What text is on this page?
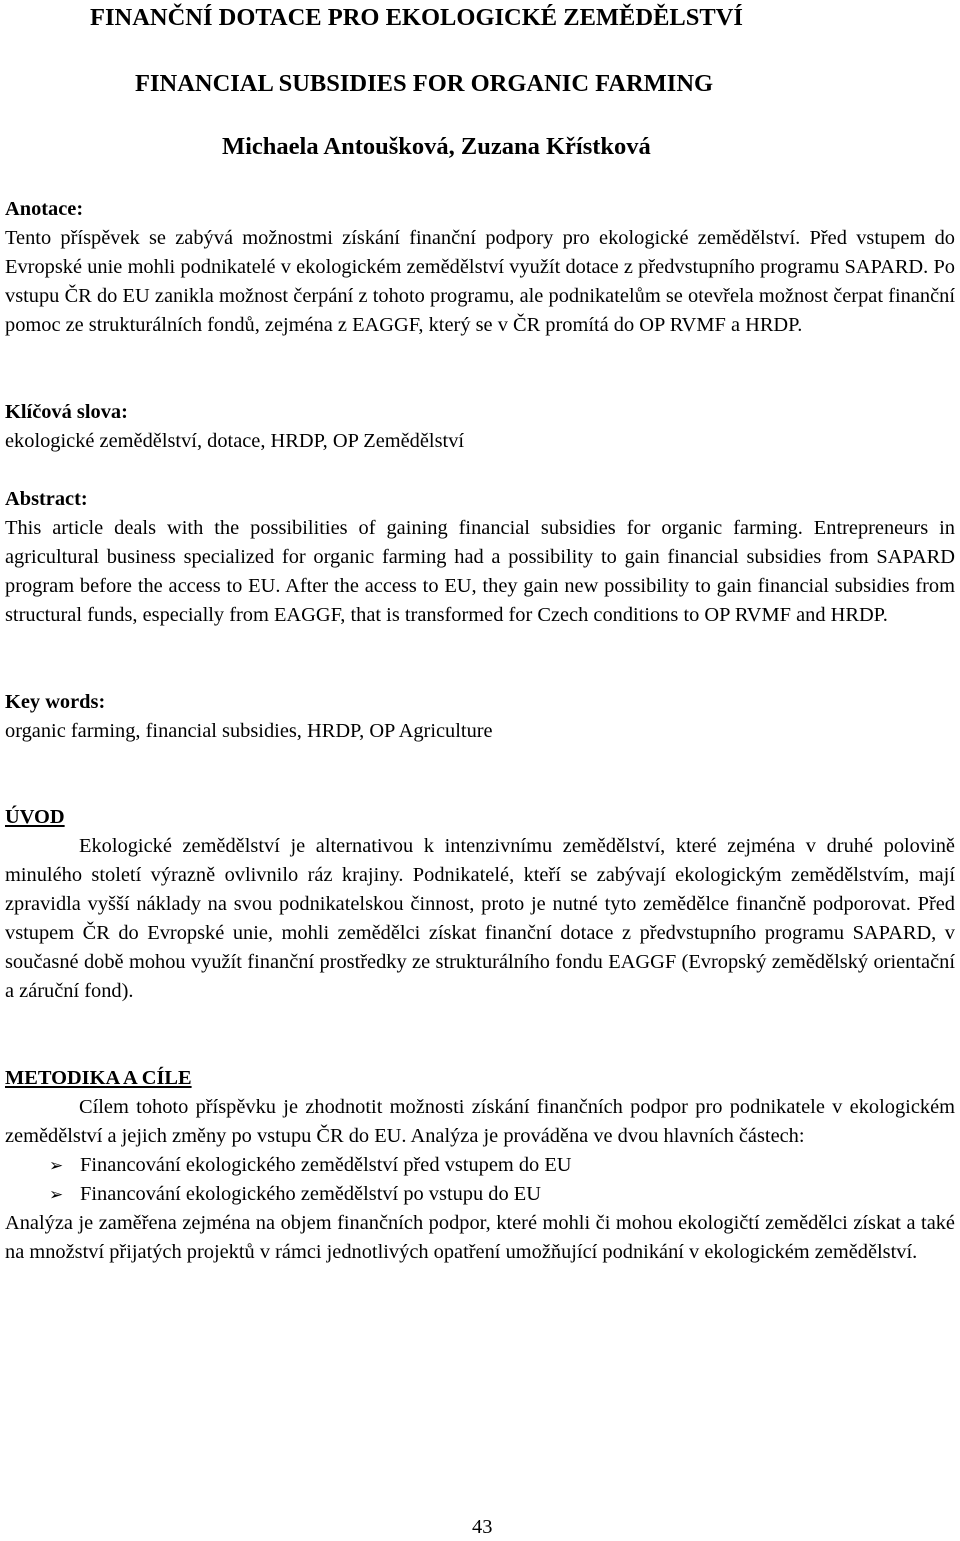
FINANČNÍ DOTACE PRO EKOLOGICKÉ ZEMĚDĚLSTVÍ
FINANCIAL SUBSIDIES FOR ORGANIC FARMING
Michaela Antoušková, Zuzana Křístková
Anotace:

Tento příspěvek se zabývá možnostmi získání finanční podpory pro ekologické zemědělství. Před vstupem do Evropské unie mohli podnikatelé v ekologickém zemědělství využít dotace z předvstupního programu SAPARD. Po vstupu ČR do EU zanikla možnost čerpání z tohoto programu, ale podnikatelům se otevřela možnost čerpat finanční pomoc ze strukturálních fondů, zejména z EAGGF, který se v ČR promítá do OP RVMF a HRDP.

Klíčová slova:

ekologické zemědělství, dotace, HRDP, OP Zemědělství

Abstract:

This article deals with the possibilities of gaining financial subsidies for organic farming. Entrepreneurs in agricultural business specialized for organic farming had a possibility to gain financial subsidies from SAPARD program before the access to EU. After the access to EU, they gain new possibility to gain financial subsidies from structural funds, especially from EAGGF, that is transformed for Czech conditions to OP RVMF and HRDP.

Key words:

organic farming, financial subsidies, HRDP, OP Agriculture

ÚVOD

Ekologické zemědělství je alternativou k intenzivnímu zemědělství, které zejména v druhé polovině minulého století výrazně ovlivnilo ráz krajiny. Podnikatelé, kteří se zabývají ekologickým zemědělstvím, mají zpravidla vyšší náklady na svou podnikatelskou činnost, proto je nutné tyto zemědělce finančně podporovat. Před vstupem ČR do Evropské unie, mohli zemědělci získat finanční dotace z předvstupního programu SAPARD, v současné době mohou využít finanční prostředky ze strukturálního fondu EAGGF (Evropský zemědělský orientační a záruční fond).

METODIKA A CÍLE

Cílem tohoto příspěvku je zhodnotit možnosti získání finančních podpor pro podnikatele v ekologickém zemědělství a jejich změny po vstupu ČR do EU. Analýza je prováděna ve dvou hlavních částech:

➢ Financování ekologického zemědělství před vstupem do EU
➢ Financování ekologického zemědělství po vstupu do EU

Analýza je zaměřena zejména na objem finančních podpor, které mohli či mohou ekologičtí zemědělci získat a také na množství přijatých projektů v rámci jednotlivých opatření umožňující podnikání v ekologickém zemědělství.

43
